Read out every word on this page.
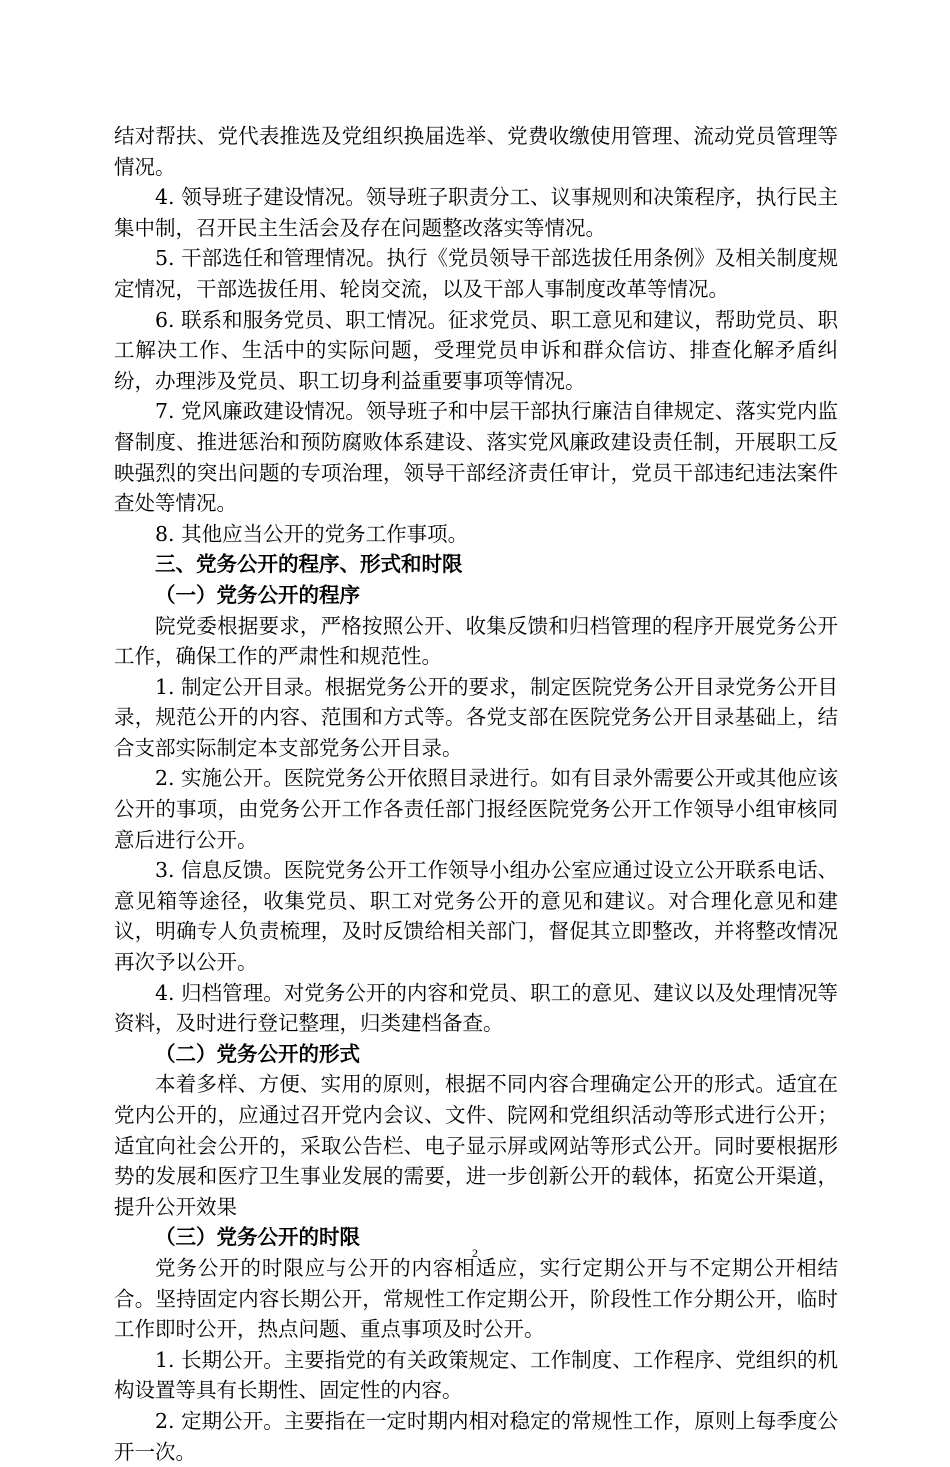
结对帮扶、党代表推选及党组织换届选举、党费收缴使用管理、流动党员管理等情况。

4. 领导班子建设情况。领导班子职责分工、议事规则和决策程序，执行民主集中制，召开民主生活会及存在问题整改落实等情况。

5. 干部选任和管理情况。执行《党员领导干部选拔任用条例》及相关制度规定情况，干部选拔任用、轮岗交流，以及干部人事制度改革等情况。

6. 联系和服务党员、职工情况。征求党员、职工意见和建议，帮助党员、职工解决工作、生活中的实际问题，受理党员申诉和群众信访、排查化解矛盾纠纷，办理涉及党员、职工切身利益重要事项等情况。

7. 党风廉政建设情况。领导班子和中层干部执行廉洁自律规定、落实党内监督制度、推进惩治和预防腐败体系建设、落实党风廉政建设责任制，开展职工反映强烈的突出问题的专项治理，领导干部经济责任审计，党员干部违纪违法案件查处等情况。

8. 其他应当公开的党务工作事项。

三、党务公开的程序、形式和时限

（一）党务公开的程序

院党委根据要求，严格按照公开、收集反馈和归档管理的程序开展党务公开工作，确保工作的严肃性和规范性。

1. 制定公开目录。根据党务公开的要求，制定医院党务公开目录党务公开目录，规范公开的内容、范围和方式等。各党支部在医院党务公开目录基础上，结合支部实际制定本支部党务公开目录。

2. 实施公开。医院党务公开依照目录进行。如有目录外需要公开或其他应该公开的事项，由党务公开工作各责任部门报经医院党务公开工作领导小组审核同意后进行公开。

3. 信息反馈。医院党务公开工作领导小组办公室应通过设立公开联系电话、意见箱等途径，收集党员、职工对党务公开的意见和建议。对合理化意见和建议，明确专人负责梳理，及时反馈给相关部门，督促其立即整改，并将整改情况再次予以公开。

4. 归档管理。对党务公开的内容和党员、职工的意见、建议以及处理情况等资料，及时进行登记整理，归类建档备查。

（二）党务公开的形式

本着多样、方便、实用的原则，根据不同内容合理确定公开的形式。适宜在党内公开的，应通过召开党内会议、文件、院网和党组织活动等形式进行公开；适宜向社会公开的，采取公告栏、电子显示屏或网站等形式公开。同时要根据形势的发展和医疗卫生事业发展的需要，进一步创新公开的载体，拓宽公开渠道，提升公开效果

（三）党务公开的时限

党务公开的时限应与公开的内容相适应，实行定期公开与不定期公开相结合。坚持固定内容长期公开，常规性工作定期公开，阶段性工作分期公开，临时工作即时公开，热点问题、重点事项及时公开。

1. 长期公开。主要指党的有关政策规定、工作制度、工作程序、党组织的机构设置等具有长期性、固定性的内容。

2. 定期公开。主要指在一定时期内相对稳定的常规性工作，原则上每季度公开一次。

2
